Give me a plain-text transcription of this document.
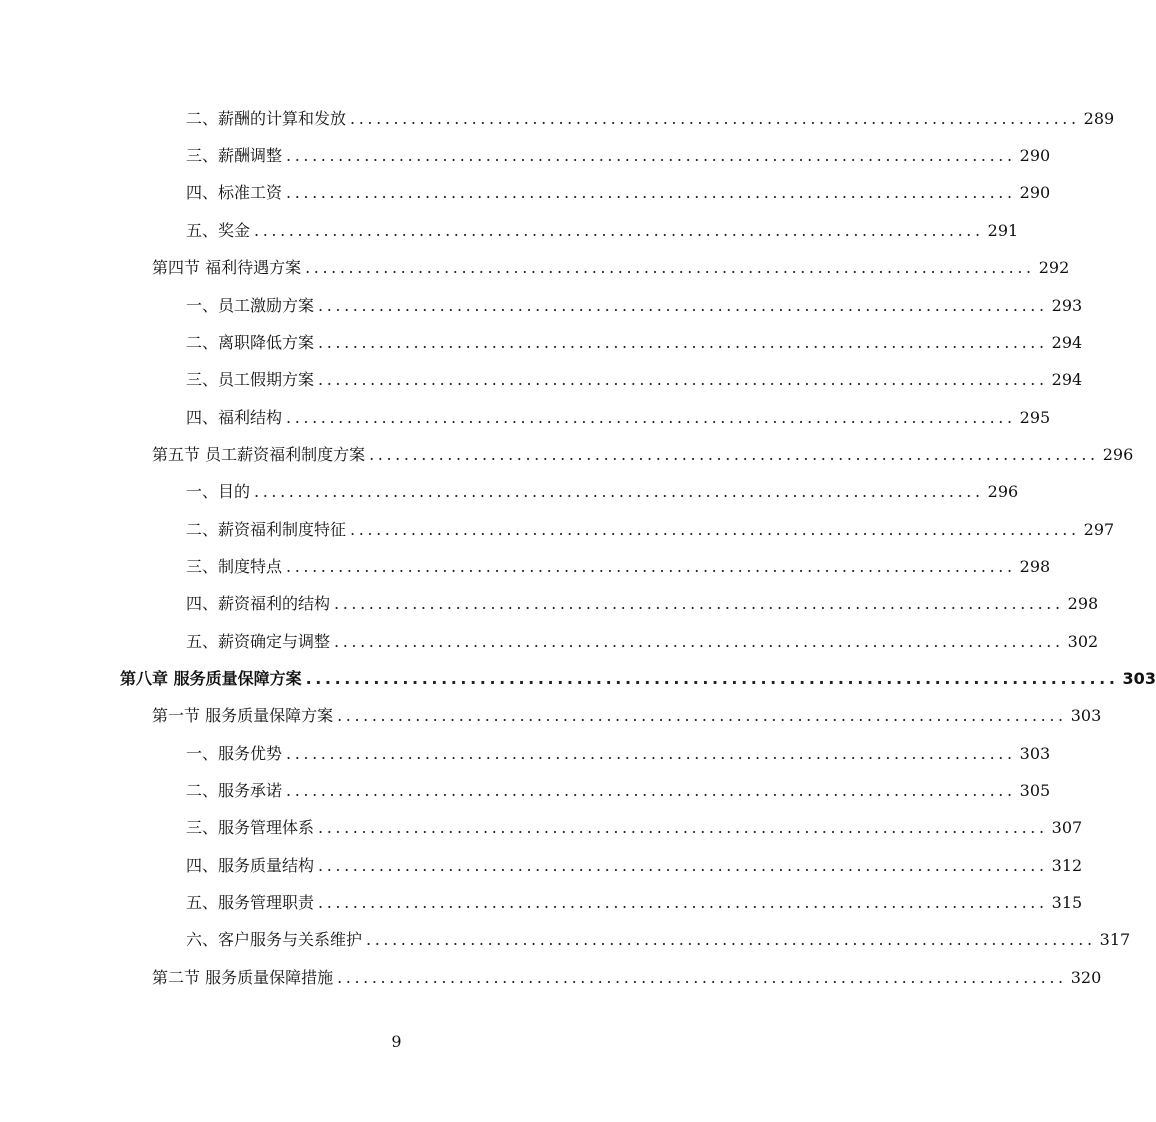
二、薪酬的计算和发放 .................................................................................... 289
三、薪酬调整 .................................................................................... 290
四、标准工资 .................................................................................... 290
五、奖金 .................................................................................... 291
第四节 福利待遇方案 .................................................................................... 292
一、员工激励方案 .................................................................................... 293
二、离职降低方案 .................................................................................... 294
三、员工假期方案 .................................................................................... 294
四、福利结构 .................................................................................... 295
第五节 员工薪资福利制度方案 .................................................................................... 296
一、目的 .................................................................................... 296
二、薪资福利制度特征 .................................................................................... 297
三、制度特点 .................................................................................... 298
四、薪资福利的结构 .................................................................................... 298
五、薪资确定与调整 .................................................................................... 302
第八章 服务质量保障方案 .................................................................................... 303
第一节 服务质量保障方案 .................................................................................... 303
一、服务优势 .................................................................................... 303
二、服务承诺 .................................................................................... 305
三、服务管理体系 .................................................................................... 307
四、服务质量结构 .................................................................................... 312
五、服务管理职责 .................................................................................... 315
六、客户服务与关系维护 .................................................................................... 317
第二节 服务质量保障措施 .................................................................................... 320
9
